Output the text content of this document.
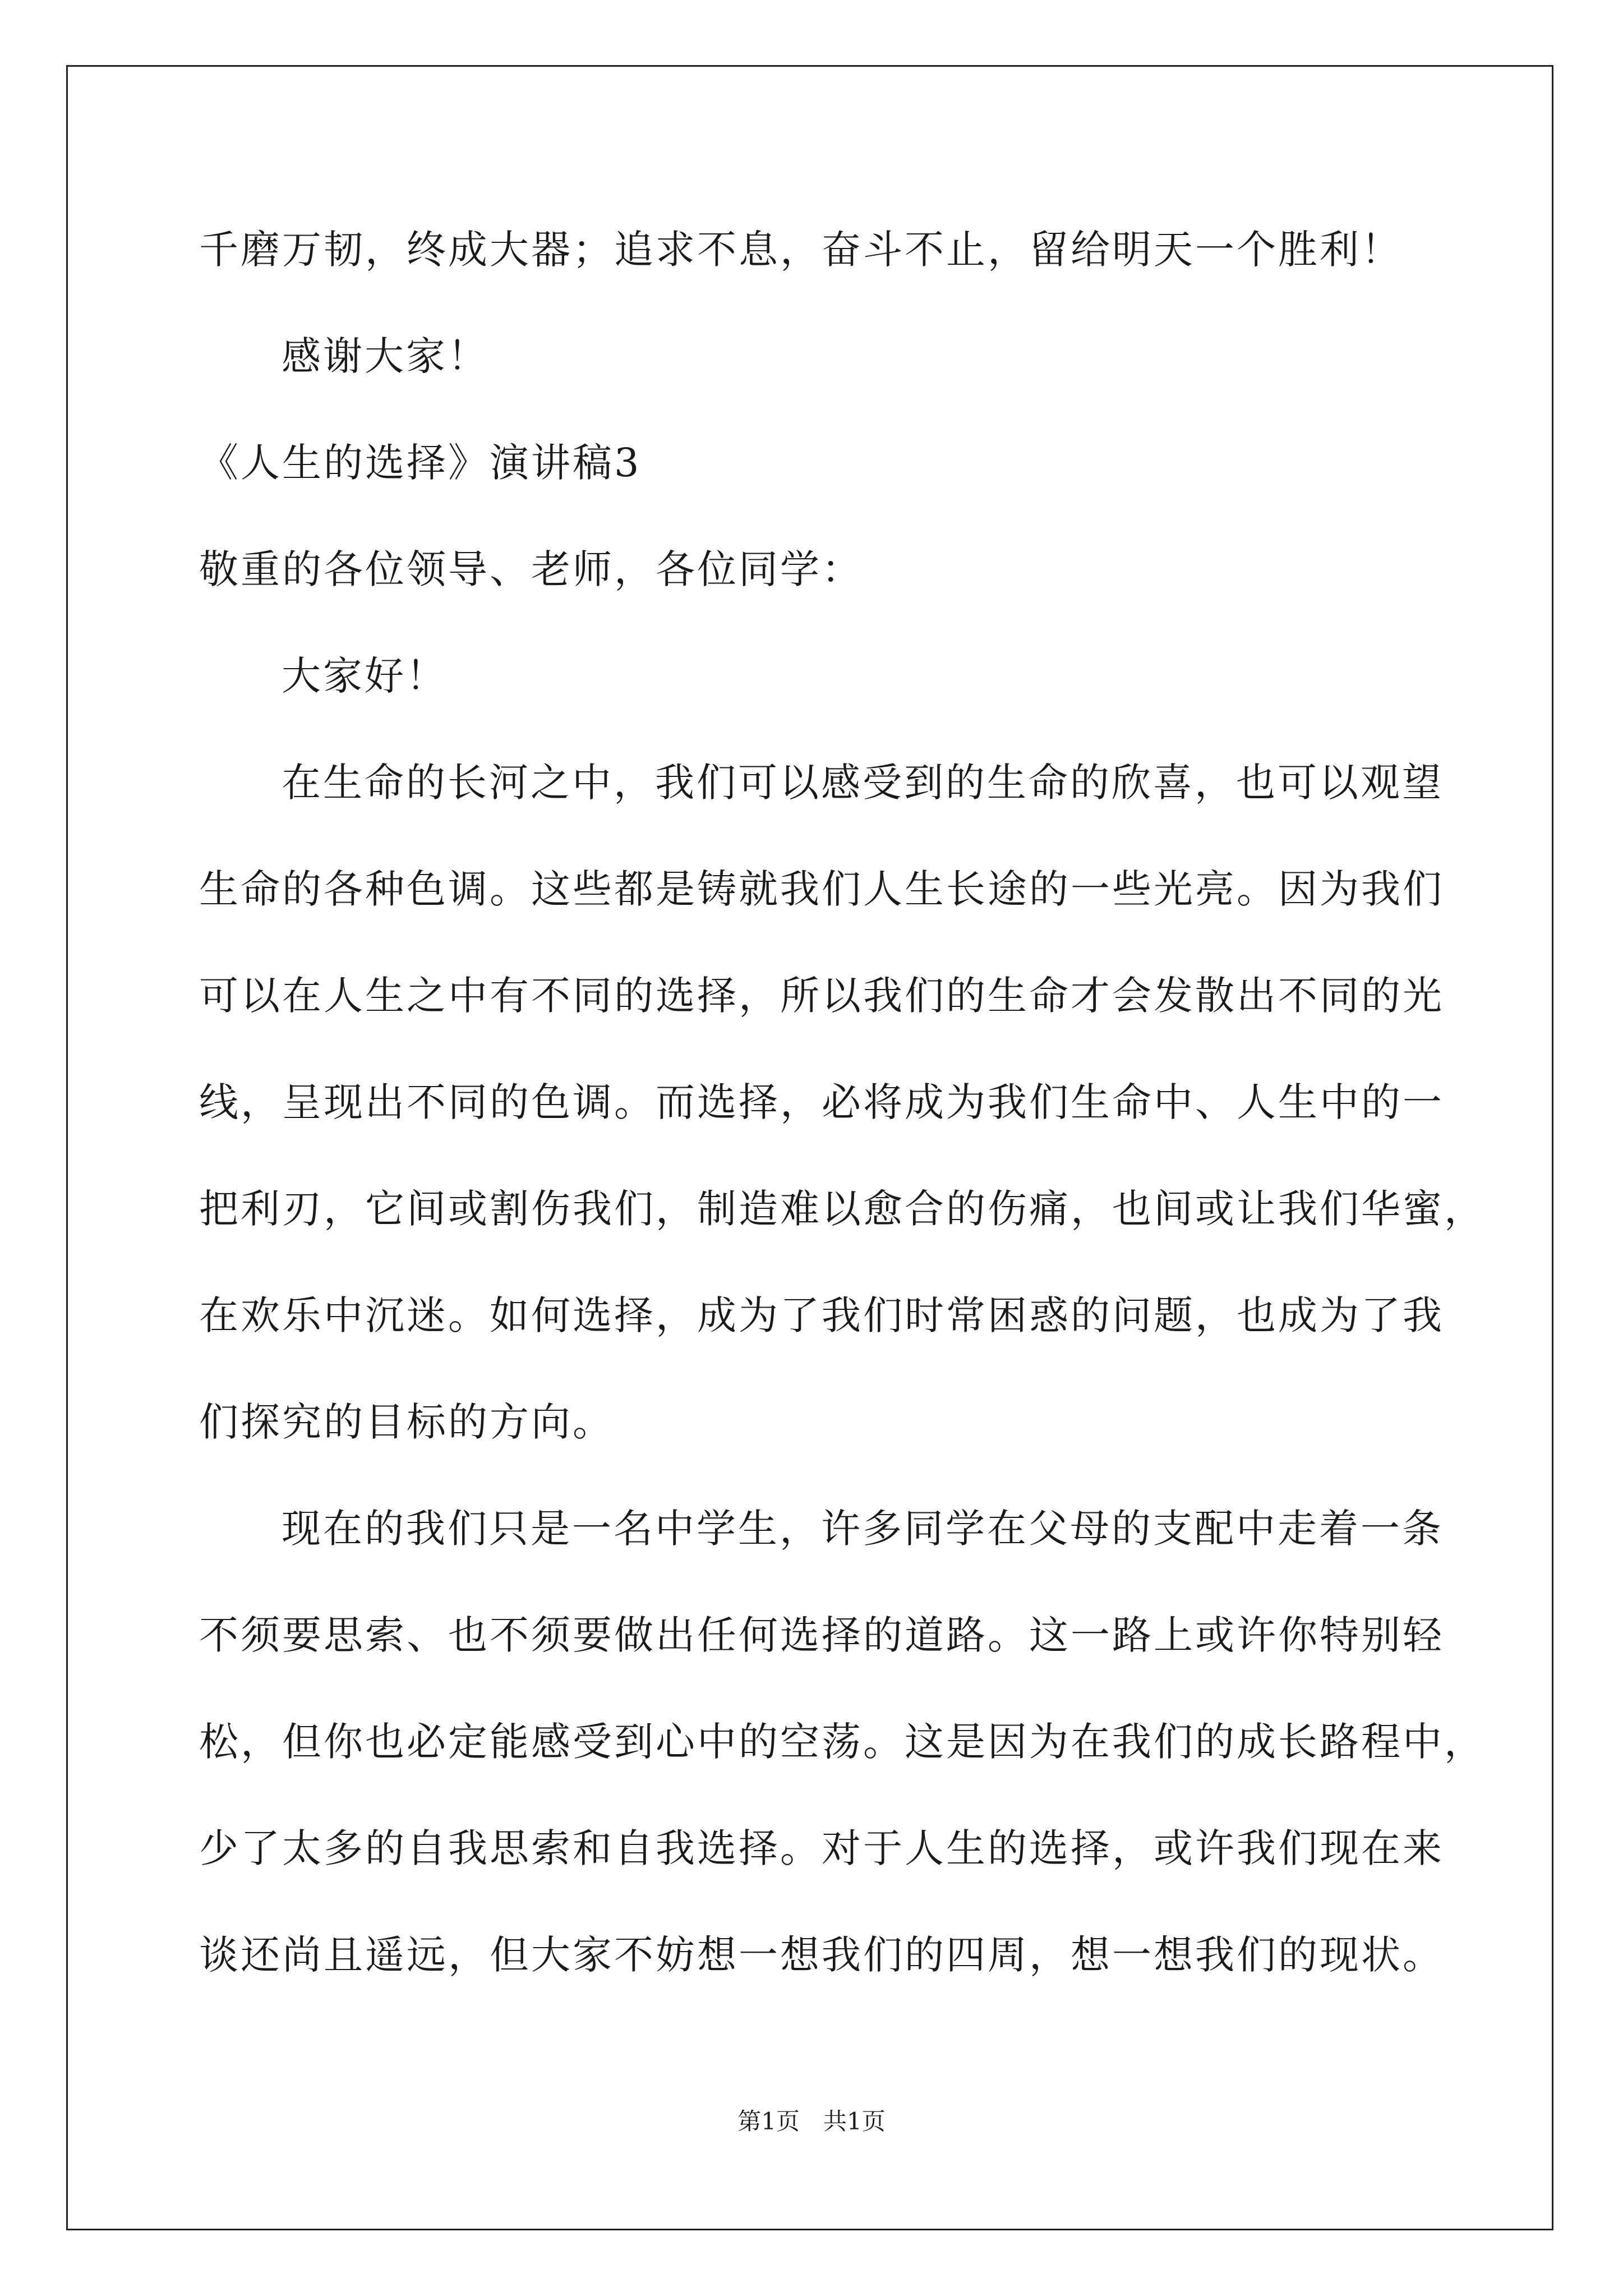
千磨万韧，终成大器；追求不息，奋斗不止，留给明天一个胜利！
感谢大家！
《人生的选择》演讲稿3
敬重的各位领导、老师，各位同学：
大家好！
在生命的长河之中，我们可以感受到的生命的欣喜，也可以观望
生命的各种色调。这些都是铸就我们人生长途的一些光亮。因为我们
可以在人生之中有不同的选择，所以我们的生命才会发散出不同的光
线，呈现出不同的色调。而选择，必将成为我们生命中、人生中的一
把利刃，它间或割伤我们，制造难以愈合的伤痛，也间或让我们华蜜，
在欢乐中沉迷。如何选择，成为了我们时常困惑的问题，也成为了我
们探究的目标的方向。
现在的我们只是一名中学生，许多同学在父母的支配中走着一条
不须要思索、也不须要做出任何选择的道路。这一路上或许你特别轻
松，但你也必定能感受到心中的空荡。这是因为在我们的成长路程中，
少了太多的自我思索和自我选择。对于人生的选择，或许我们现在来
谈还尚且遥远，但大家不妨想一想我们的四周，想一想我们的现状。
第1页　共1页
